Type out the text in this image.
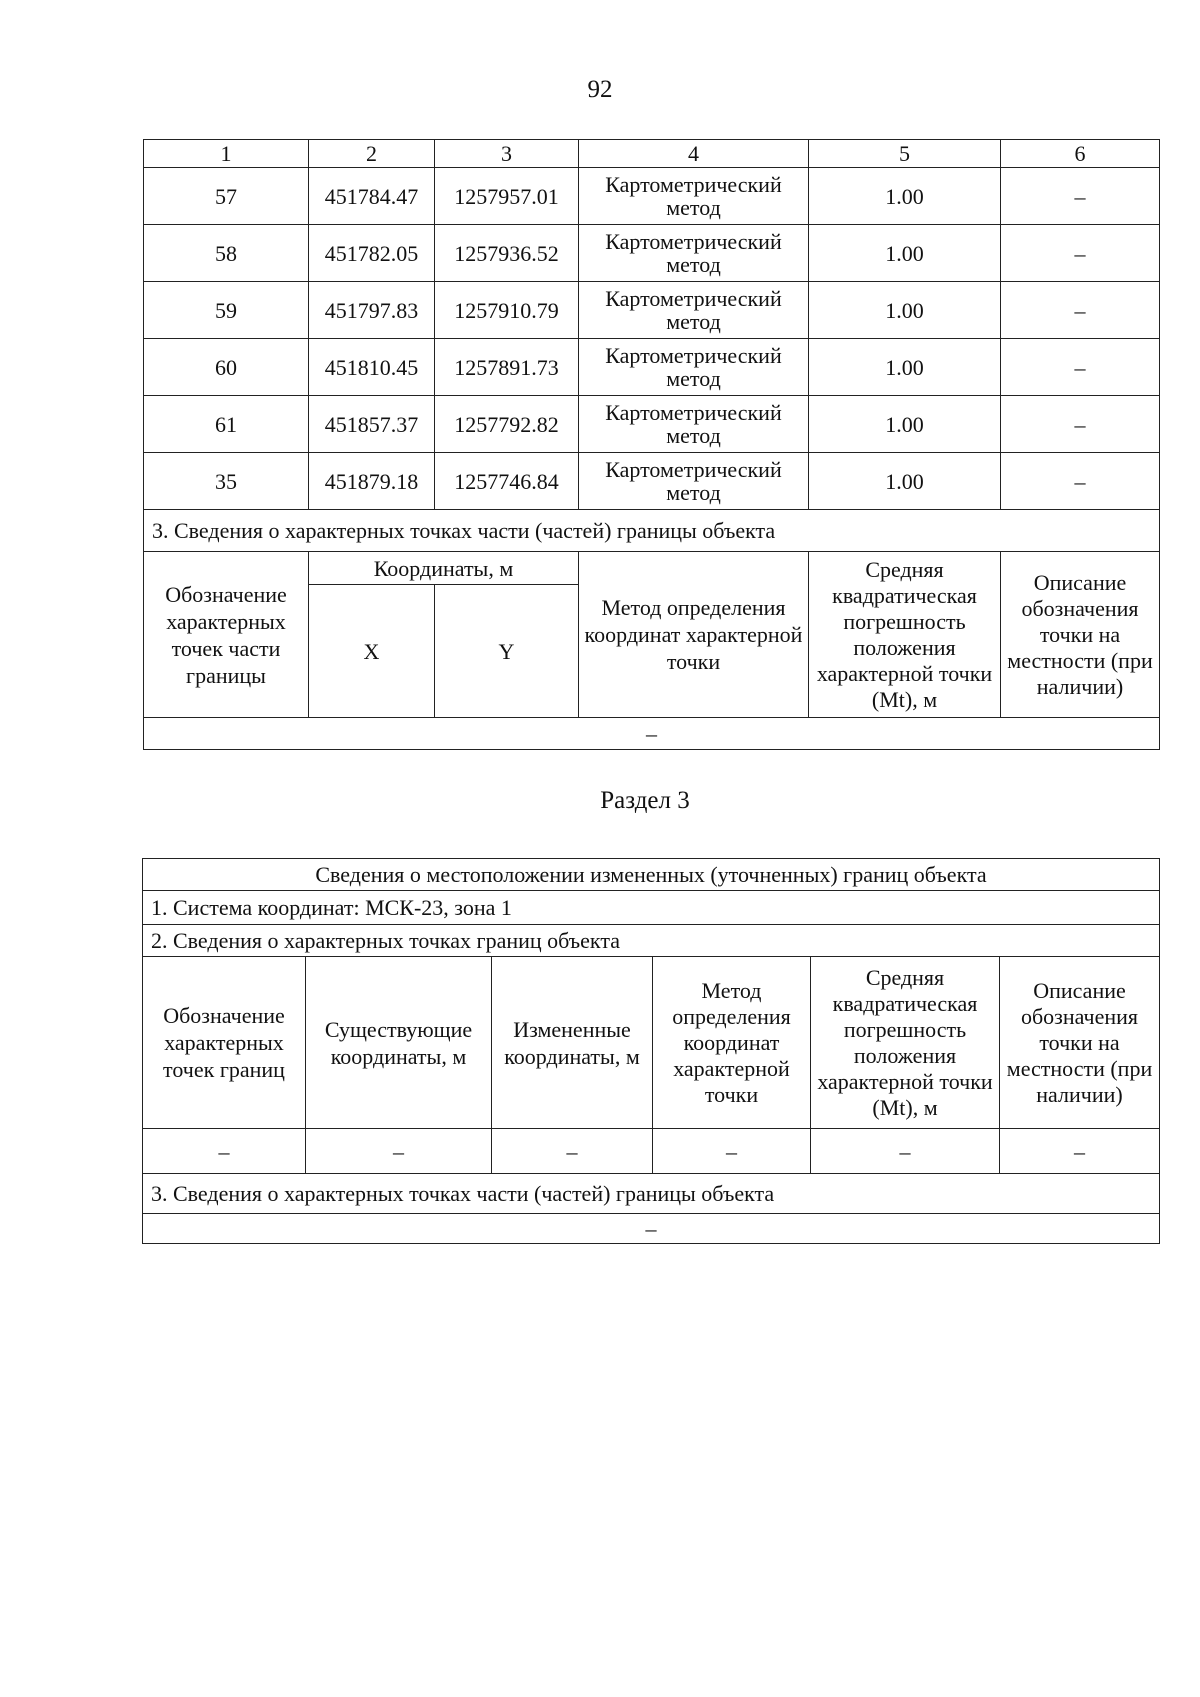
92
1	2	3	4	5	6
57	451784.47	1257957.01	Картометрический метод	1.00	–
58	451782.05	1257936.52	Картометрический метод	1.00	–
59	451797.83	1257910.79	Картометрический метод	1.00	–
60	451810.45	1257891.73	Картометрический метод	1.00	–
61	451857.37	1257792.82	Картометрический метод	1.00	–
35	451879.18	1257746.84	Картометрический метод	1.00	–
3. Сведения о характерных точках части (частей) границы объекта					
Обозначение характерных точек части границы	Координаты, м		Метод определения координат характерной точки	Средняя квадратическая погрешность положения характерной точки (Mt), м	Описание обозначения точки на местности (при наличии)
	X	Y			
–					
Раздел 3
Сведения о местоположении измененных (уточненных) границ объекта					
1. Система координат: МСК-23, зона 1					
2. Сведения о характерных точках границ объекта					
Обозначение характерных точек границ	Существующие координаты, м	Измененные координаты, м	Метод определения координат характерной точки	Средняя квадратическая погрешность положения характерной точки (Mt), м	Описание обозначения точки на местности (при наличии)
–	–	–	–	–	–
3. Сведения о характерных точках части (частей) границы объекта					
–					
